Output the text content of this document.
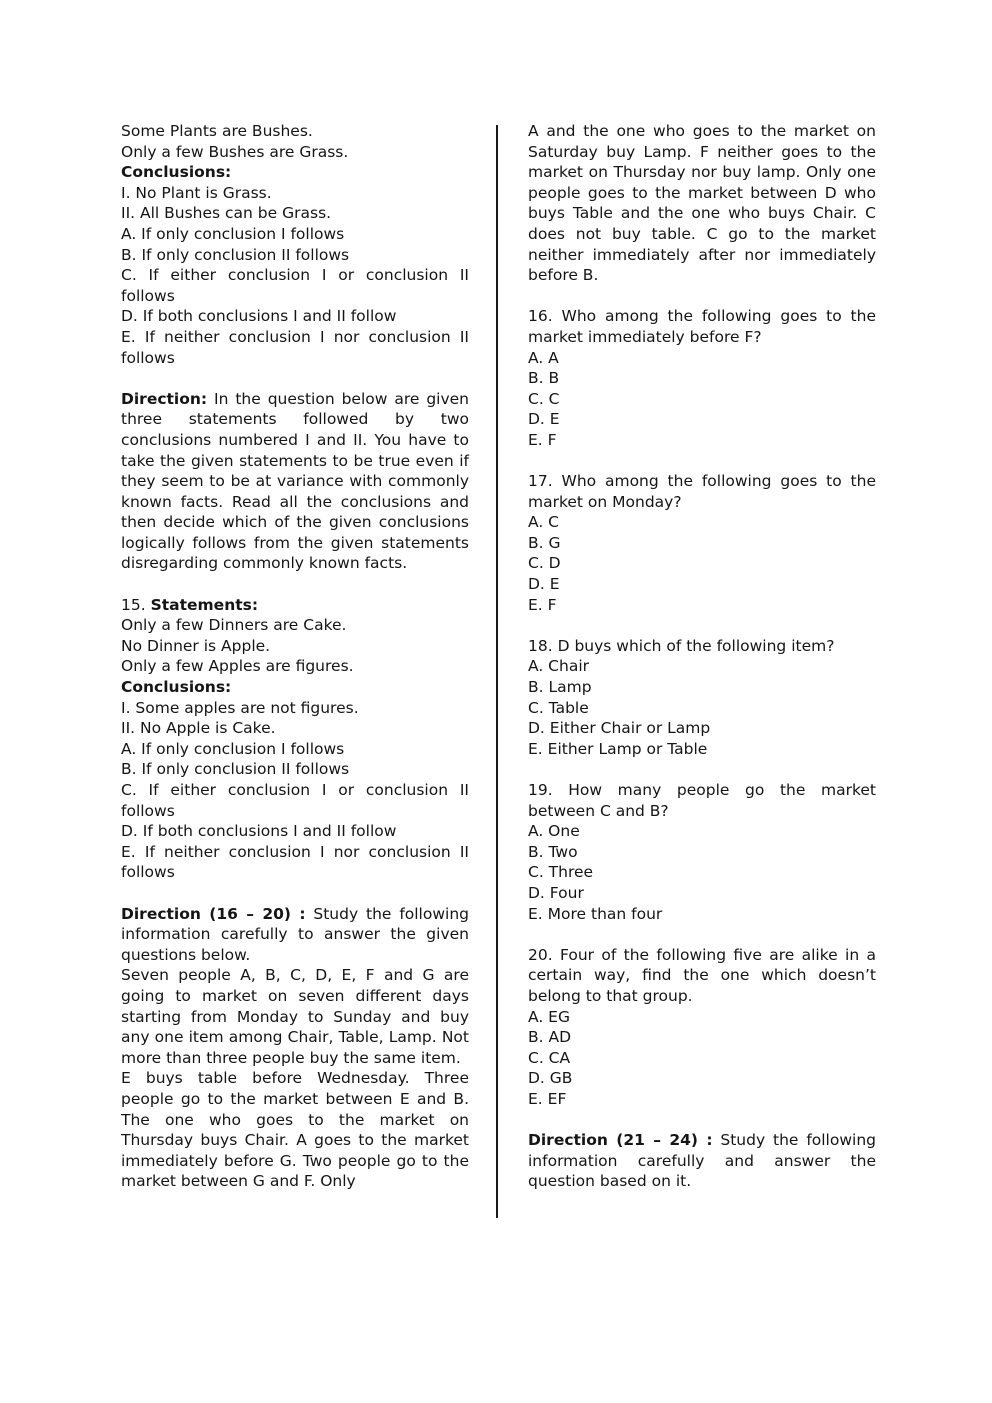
Some Plants are Bushes.
Only a few Bushes are Grass.
Conclusions:
I. No Plant is Grass.
II. All Bushes can be Grass.
A. If only conclusion I follows
B. If only conclusion II follows
C. If either conclusion I or conclusion II follows
D. If both conclusions I and II follow
E. If neither conclusion I nor conclusion II follows
Direction: In the question below are given three statements followed by two conclusions numbered I and II. You have to take the given statements to be true even if they seem to be at variance with commonly known facts. Read all the conclusions and then decide which of the given conclusions logically follows from the given statements disregarding commonly known facts.
15. Statements:
Only a few Dinners are Cake.
No Dinner is Apple.
Only a few Apples are figures.
Conclusions:
I. Some apples are not figures.
II. No Apple is Cake.
A. If only conclusion I follows
B. If only conclusion II follows
C. If either conclusion I or conclusion II follows
D. If both conclusions I and II follow
E. If neither conclusion I nor conclusion II follows
Direction (16 – 20) : Study the following information carefully to answer the given questions below.
Seven people A, B, C, D, E, F and G are going to market on seven different days starting from Monday to Sunday and buy any one item among Chair, Table, Lamp. Not more than three people buy the same item.
E buys table before Wednesday. Three people go to the market between E and B. The one who goes to the market on Thursday buys Chair. A goes to the market immediately before G. Two people go to the market between G and F. Only
A and the one who goes to the market on Saturday buy Lamp. F neither goes to the market on Thursday nor buy lamp. Only one people goes to the market between D who buys Table and the one who buys Chair. C does not buy table. C go to the market neither immediately after nor immediately before B.
16. Who among the following goes to the market immediately before F?
A. A
B. B
C. C
D. E
E. F
17. Who among the following goes to the market on Monday?
A. C
B. G
C. D
D. E
E. F
18. D buys which of the following item?
A. Chair
B. Lamp
C. Table
D. Either Chair or Lamp
E. Either Lamp or Table
19. How many people go the market between C and B?
A. One
B. Two
C. Three
D. Four
E. More than four
20. Four of the following five are alike in a certain way, find the one which doesn’t belong to that group.
A. EG
B. AD
C. CA
D. GB
E. EF
Direction (21 – 24) : Study the following information carefully and answer the question based on it.
